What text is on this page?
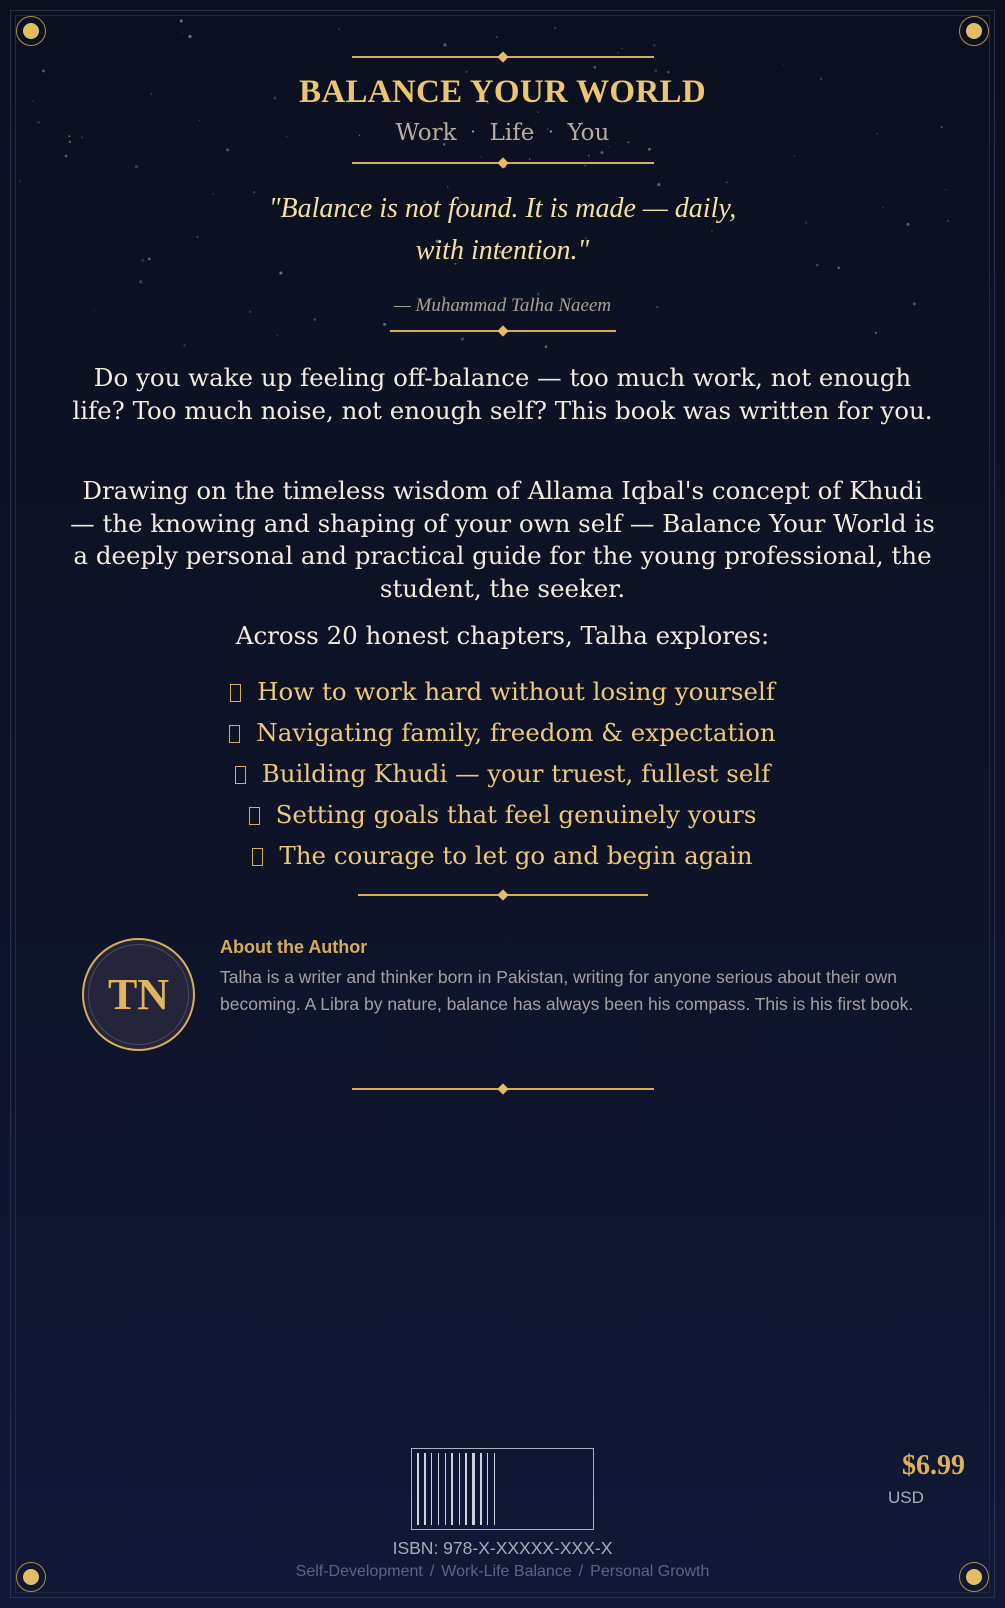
BALANCE YOUR WORLD
Work · Life · You
"Balance is not found. It is made — daily, with intention."
— Muhammad Talha Naeem
Do you wake up feeling off-balance — too much work, not enough life? Too much noise, not enough self? This book was written for you.
Drawing on the timeless wisdom of Allama Iqbal's concept of Khudi — the knowing and shaping of your own self — Balance Your World is a deeply personal and practical guide for the young professional, the student, the seeker.
Across 20 honest chapters, Talha explores:
How to work hard without losing yourself
Navigating family, freedom & expectation
Building Khudi — your truest, fullest self
Setting goals that feel genuinely yours
The courage to let go and begin again
TN
About the Author
Talha is a writer and thinker born in Pakistan, writing for anyone serious about their own becoming. A Libra by nature, balance has always been his compass. This is his first book.
ISBN: 978-X-XXXXX-XXX-X
Self-Development / Work-Life Balance / Personal Growth
$6.99
USD
